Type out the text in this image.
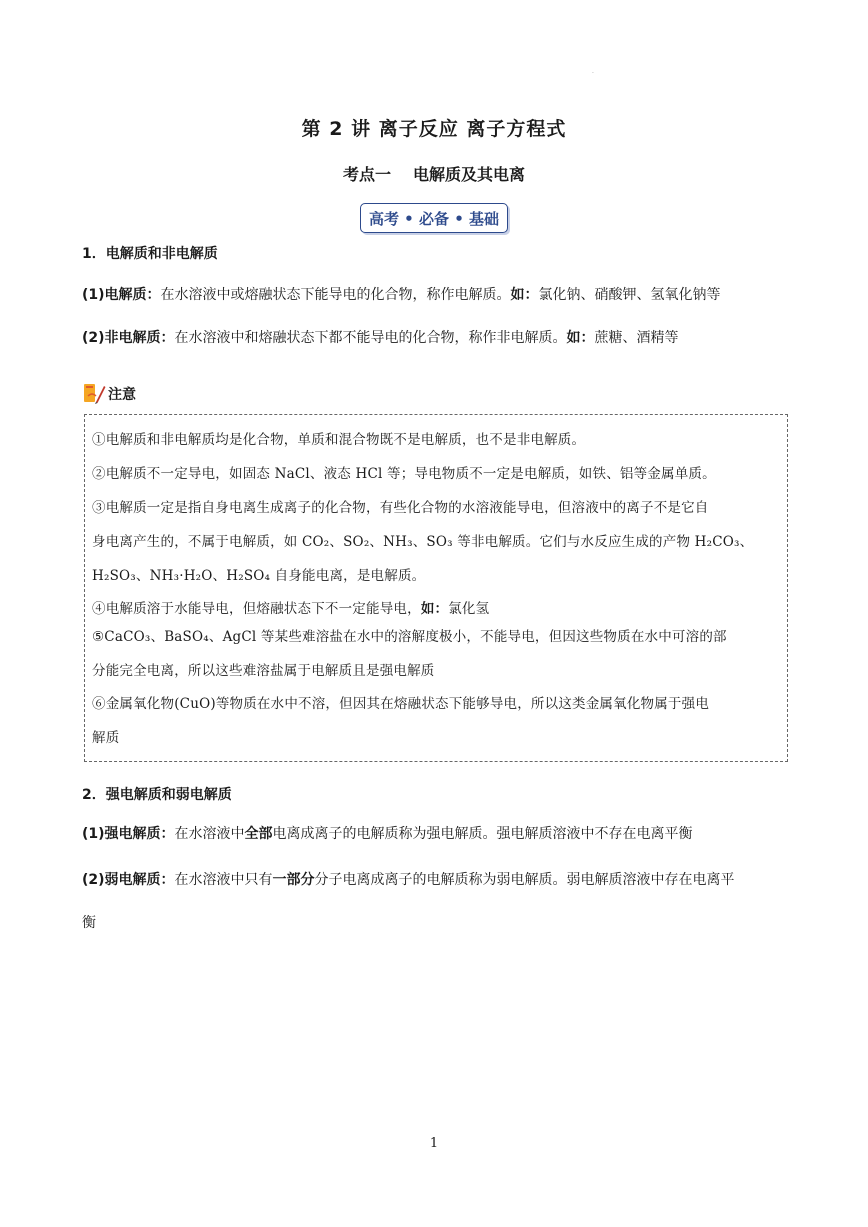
·
第 2 讲 离子反应 离子方程式
考点一 电解质及其电离
高考 • 必备 • 基础
1．电解质和非电解质
(1)电解质：在水溶液中或熔融状态下能导电的化合物，称作电解质。如：氯化钠、硝酸钾、氢氧化钠等
(2)非电解质：在水溶液中和熔融状态下都不能导电的化合物，称作非电解质。如：蔗糖、酒精等
注意
①电解质和非电解质均是化合物，单质和混合物既不是电解质，也不是非电解质。
②电解质不一定导电，如固态 NaCl、液态 HCl 等；导电物质不一定是电解质，如铁、铝等金属单质。
③电解质一定是指自身电离生成离子的化合物，有些化合物的水溶液能导电，但溶液中的离子不是它自
身电离产生的，不属于电解质，如 CO₂、SO₂、NH₃、SO₃ 等非电解质。它们与水反应生成的产物 H₂CO₃、
H₂SO₃、NH₃·H₂O、H₂SO₄ 自身能电离，是电解质。
④电解质溶于水能导电，但熔融状态下不一定能导电，如：氯化氢
⑤CaCO₃、BaSO₄、AgCl 等某些难溶盐在水中的溶解度极小，不能导电，但因这些物质在水中可溶的部
分能完全电离，所以这些难溶盐属于电解质且是强电解质
⑥金属氧化物(CuO)等物质在水中不溶，但因其在熔融状态下能够导电，所以这类金属氧化物属于强电
解质
2．强电解质和弱电解质
(1)强电解质：在水溶液中全部电离成离子的电解质称为强电解质。强电解质溶液中不存在电离平衡
(2)弱电解质：在水溶液中只有一部分分子电离成离子的电解质称为弱电解质。弱电解质溶液中存在电离平
衡
1
